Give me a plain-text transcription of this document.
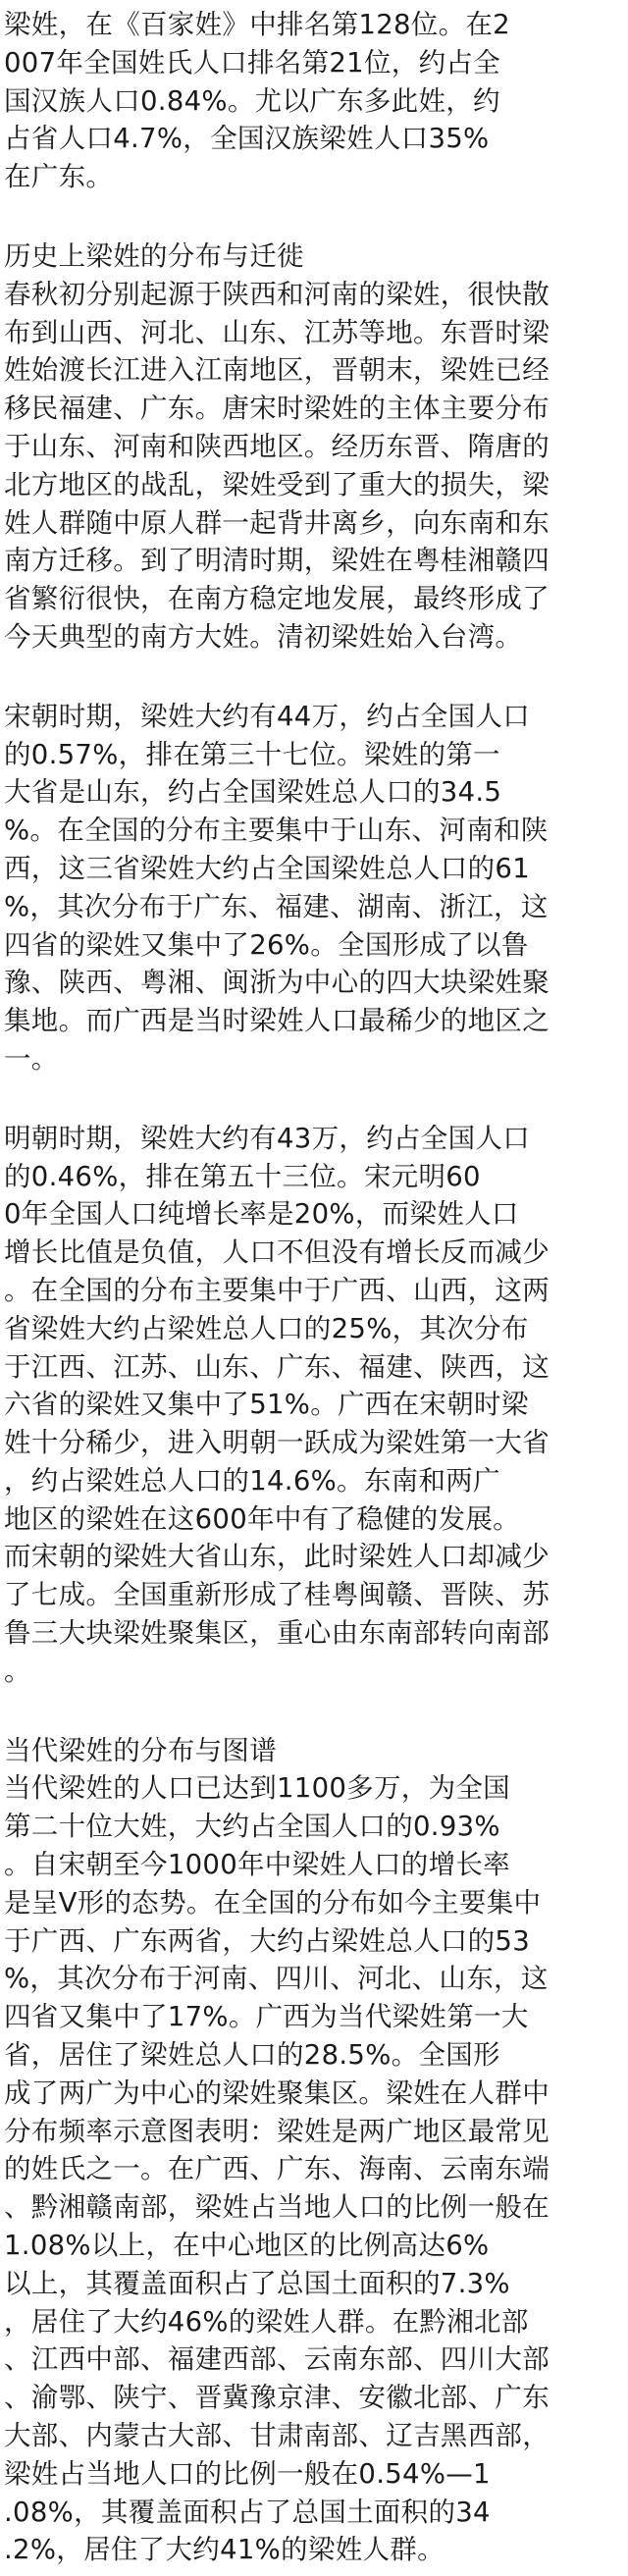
梁姓，在《百家姓》中排名第128位。在2
007年全国姓氏人口排名第21位，约占全
国汉族人口0.84%。尤以广东多此姓，约
占省人口4.7%，全国汉族梁姓人口35%
在广东。
历史上梁姓的分布与迁徙
春秋初分别起源于陕西和河南的梁姓，很快散
布到山西、河北、山东、江苏等地。东晋时梁
姓始渡长江进入江南地区，晋朝末，梁姓已经
移民福建、广东。唐宋时梁姓的主体主要分布
于山东、河南和陕西地区。经历东晋、隋唐的
北方地区的战乱，梁姓受到了重大的损失，梁
姓人群随中原人群一起背井离乡，向东南和东
南方迁移。到了明清时期，梁姓在粤桂湘赣四
省繁衍很快，在南方稳定地发展，最终形成了
今天典型的南方大姓。清初梁姓始入台湾。
宋朝时期，梁姓大约有44万，约占全国人口
的0.57%，排在第三十七位。梁姓的第一
大省是山东，约占全国梁姓总人口的34.5
%。在全国的分布主要集中于山东、河南和陕
西，这三省梁姓大约占全国梁姓总人口的61
%，其次分布于广东、福建、湖南、浙江，这
四省的梁姓又集中了26%。全国形成了以鲁
豫、陕西、粤湘、闽浙为中心的四大块梁姓聚
集地。而广西是当时梁姓人口最稀少的地区之
一。
明朝时期，梁姓大约有43万，约占全国人口
的0.46%，排在第五十三位。宋元明60
0年全国人口纯增长率是20%，而梁姓人口
增长比值是负值，人口不但没有增长反而减少
。在全国的分布主要集中于广西、山西，这两
省梁姓大约占梁姓总人口的25%，其次分布
于江西、江苏、山东、广东、福建、陕西，这
六省的梁姓又集中了51%。广西在宋朝时梁
姓十分稀少，进入明朝一跃成为梁姓第一大省
，约占梁姓总人口的14.6%。东南和两广
地区的梁姓在这600年中有了稳健的发展。
而宋朝的梁姓大省山东，此时梁姓人口却减少
了七成。全国重新形成了桂粤闽赣、晋陕、苏
鲁三大块梁姓聚集区，重心由东南部转向南部
。
当代梁姓的分布与图谱
当代梁姓的人口已达到1100多万，为全国
第二十位大姓，大约占全国人口的0.93%
。自宋朝至今1000年中梁姓人口的增长率
是呈V形的态势。在全国的分布如今主要集中
于广西、广东两省，大约占梁姓总人口的53
%，其次分布于河南、四川、河北、山东，这
四省又集中了17%。广西为当代梁姓第一大
省，居住了梁姓总人口的28.5%。全国形
成了两广为中心的梁姓聚集区。梁姓在人群中
分布频率示意图表明：梁姓是两广地区最常见
的姓氏之一。在广西、广东、海南、云南东端
、黔湘赣南部，梁姓占当地人口的比例一般在
1.08%以上，在中心地区的比例高达6%
以上，其覆盖面积占了总国土面积的7.3%
，居住了大约46%的梁姓人群。在黔湘北部
、江西中部、福建西部、云南东部、四川大部
、渝鄂、陕宁、晋冀豫京津、安徽北部、广东
大部、内蒙古大部、甘肃南部、辽吉黑西部，
梁姓占当地人口的比例一般在0.54%—1
.08%，其覆盖面积占了总国土面积的34
.2%，居住了大约41%的梁姓人群。
